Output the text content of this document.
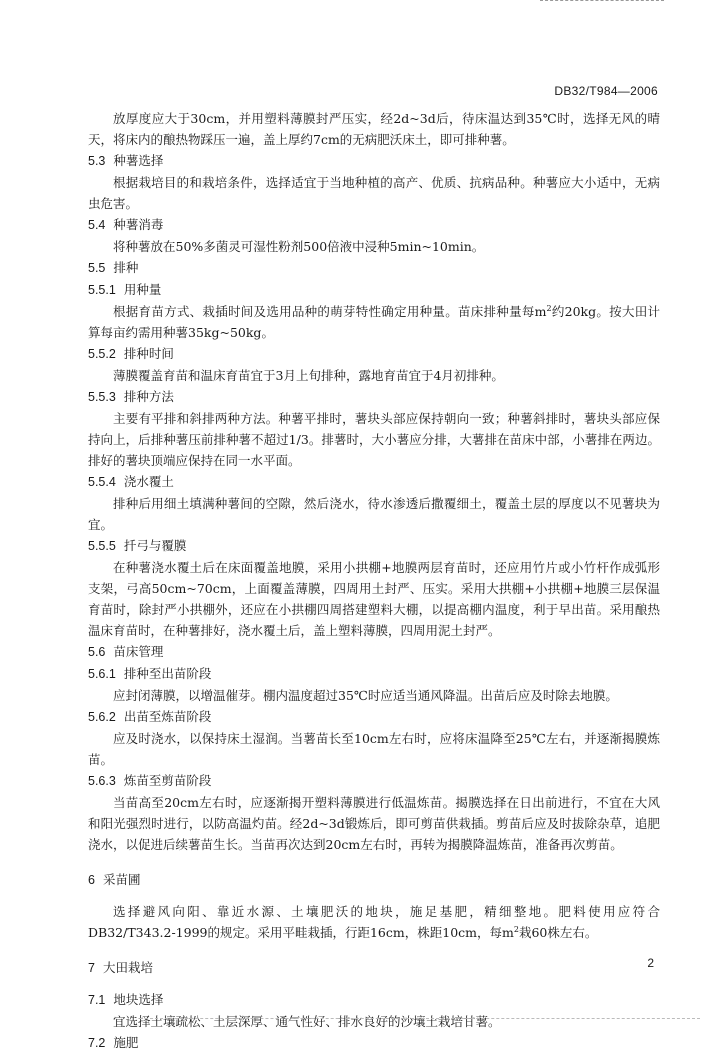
DB32/T984—2006

放厚度应大于30cm，并用塑料薄膜封严压实，经2d~3d后，待床温达到35℃时，选择无风的晴天，将床内的酿热物踩压一遍，盖上厚约7cm的无病肥沃床土，即可排种薯。

5.3 种薯选择

根据栽培目的和栽培条件，选择适宜于当地种植的高产、优质、抗病品种。种薯应大小适中，无病虫危害。

5.4 种薯消毒

将种薯放在50%多菌灵可湿性粉剂500倍液中浸种5min~10min。

5.5 排种

5.5.1 用种量

根据育苗方式、栽插时间及选用品种的萌芽特性确定用种量。苗床排种量每$m^2$约20kg。按大田计算每亩约需用种薯35kg~50kg。

5.5.2 排种时间

薄膜覆盖育苗和温床育苗宜于3月上旬排种，露地育苗宜于4月初排种。

5.5.3 排种方法

主要有平排和斜排两种方法。种薯平排时，薯块头部应保持朝向一致；种薯斜排时，薯块头部应保持向上，后排种薯压前排种薯不超过1/3。排薯时，大小薯应分排，大薯排在苗床中部，小薯排在两边。排好的薯块顶端应保持在同一水平面。

5.5.4 浇水覆土

排种后用细土填满种薯间的空隙，然后浇水，待水渗透后撒覆细土，覆盖土层的厚度以不见薯块为宜。

5.5.5 扦弓与覆膜

在种薯浇水覆土后在床面覆盖地膜，采用小拱棚+地膜两层育苗时，还应用竹片或小竹杆作成弧形支架，弓高50cm~70cm，上面覆盖薄膜，四周用土封严、压实。采用大拱棚+小拱棚+地膜三层保温育苗时，除封严小拱棚外，还应在小拱棚四周搭建塑料大棚，以提高棚内温度，利于早出苗。采用酿热温床育苗时，在种薯排好，浇水覆土后，盖上塑料薄膜，四周用泥土封严。

5.6 苗床管理

5.6.1 排种至出苗阶段

应封闭薄膜，以增温催芽。棚内温度超过35℃时应适当通风降温。出苗后应及时除去地膜。

5.6.2 出苗至炼苗阶段

应及时浇水，以保持床土湿润。当薯苗长至10cm左右时，应将床温降至25℃左右，并逐渐揭膜炼苗。

5.6.3 炼苗至剪苗阶段

当苗高至20cm左右时，应逐渐揭开塑料薄膜进行低温炼苗。揭膜选择在日出前进行，不宜在大风和阳光强烈时进行，以防高温灼苗。经2d~3d锻炼后，即可剪苗供栽插。剪苗后应及时拔除杂草，追肥浇水，以促进后续薯苗生长。当苗再次达到20cm左右时，再转为揭膜降温炼苗，准备再次剪苗。

6 采苗圃

选择避风向阳、靠近水源、土壤肥沃的地块，施足基肥，精细整地。肥料使用应符合DB32/T343.2-1999的规定。采用平畦栽插，行距16cm，株距10cm，每$m^2$栽60株左右。

7 大田栽培

7.1 地块选择

宜选择土壤疏松、土层深厚、通气性好、排水良好的沙壤土栽培甘薯。

7.2 施肥

2
